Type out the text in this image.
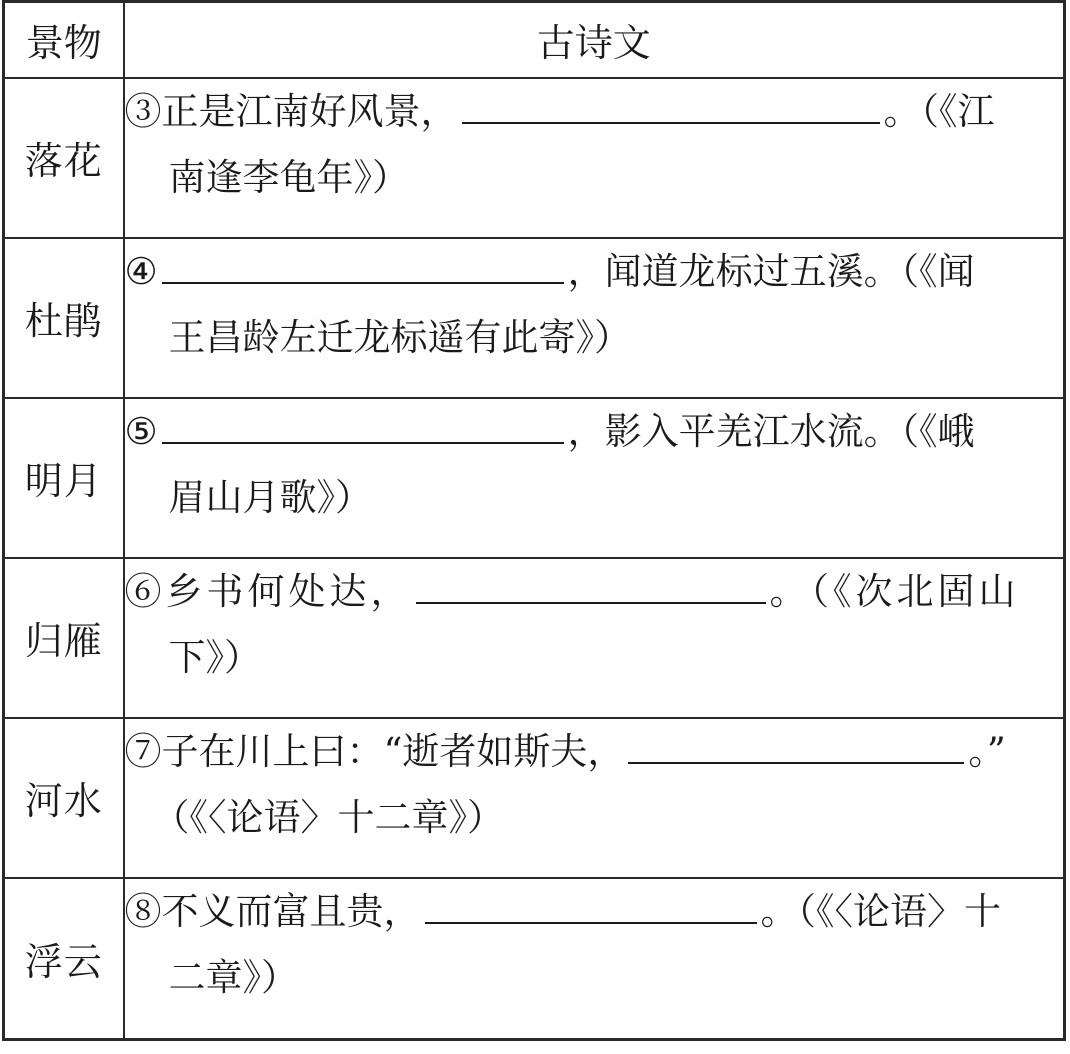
景物	古诗文
落花	③正是江南好风景， 。（《江
南逢李龟年》）

杜鹃	④ ，闻道龙标过五溪。（《闻
王昌龄左迁龙标遥有此寄》）

明月	⑤ ，影入平羌江水流。（《峨
眉山月歌》）

归雁	⑥乡书何处达， 。（《次北固山
下》）

河水	⑦子在川上曰：“逝者如斯夫， 。”
（《〈论语〉十二章》）

浮云	⑧不义而富且贵， 。（《〈论语〉十
二章》）
